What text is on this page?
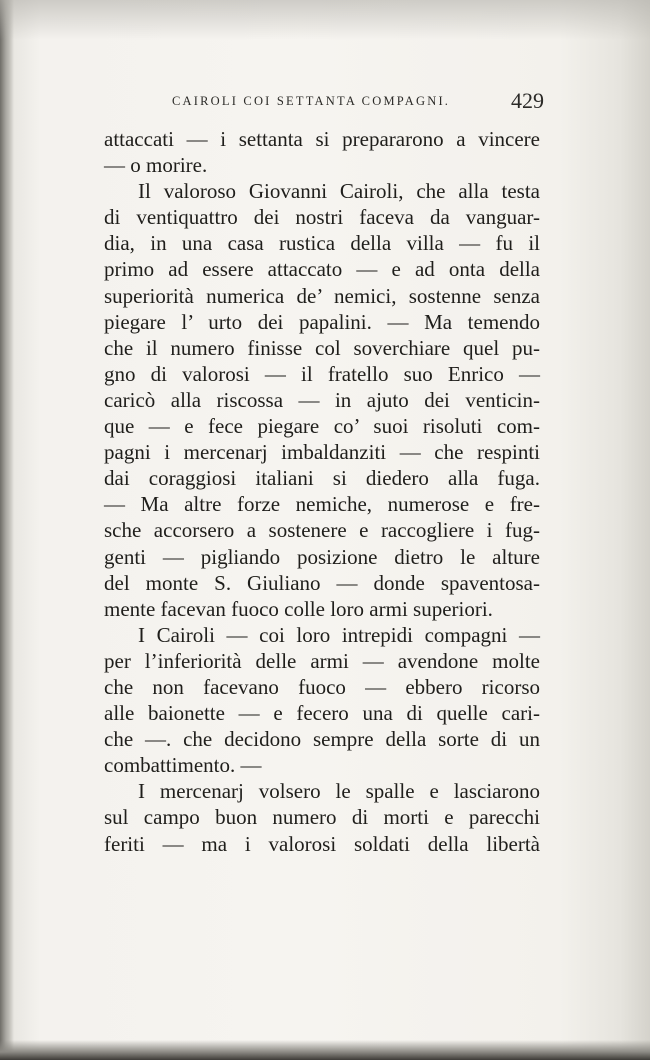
CAIROLI COI SETTANTA COMPAGNI.	429
attaccati — i settanta si prepararono a vincere
— o morire.
Il valoroso Giovanni Cairoli, che alla testa
di ventiquattro dei nostri faceva da vanguar-
dia, in una casa rustica della villa — fu il
primo ad essere attaccato — e ad onta della
superiorità numerica de’ nemici, sostenne senza
piegare l’ urto dei papalini. — Ma temendo
che il numero finisse col soverchiare quel pu-
gno di valorosi — il fratello suo Enrico —
caricò alla riscossa — in ajuto dei venticin-
que — e fece piegare co’ suoi risoluti com-
pagni i mercenarj imbaldanziti — che respinti
dai coraggiosi italiani si diedero alla fuga.
— Ma altre forze nemiche, numerose e fre-
sche accorsero a sostenere e raccogliere i fug-
genti — pigliando posizione dietro le alture
del monte S. Giuliano — donde spaventosa-
mente facevan fuoco colle loro armi superiori.
I Cairoli — coi loro intrepidi compagni —
per l’inferiorità delle armi — avendone molte
che non facevano fuoco — ebbero ricorso
alle baionette — e fecero una di quelle cari-
che —. che decidono sempre della sorte di un
combattimento. —
I mercenarj volsero le spalle e lasciarono
sul campo buon numero di morti e parecchi
feriti — ma i valorosi soldati della libertà
